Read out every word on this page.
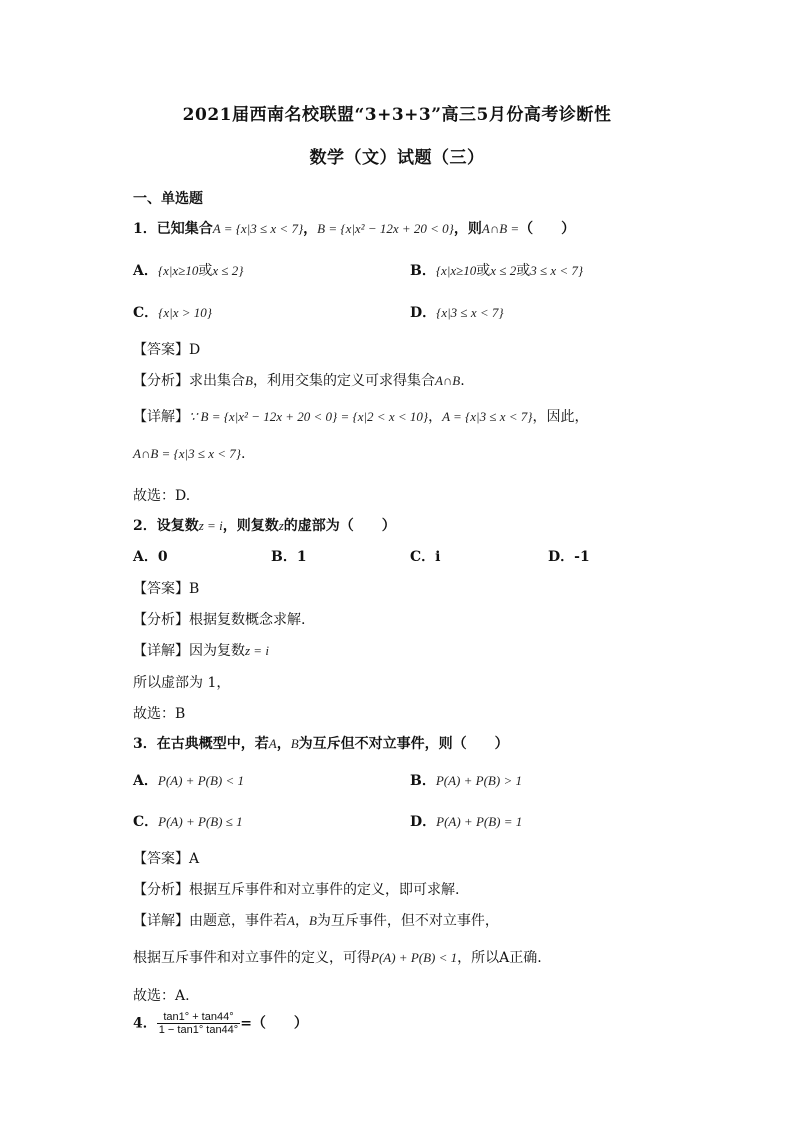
2021届西南名校联盟“3+3+3”高三5月份高考诊断性
数学（文）试题（三）
一、单选题
1．已知集合A = {x|3 ≤ x < 7}，B = {x|x² − 12x + 20 < 0}，则A∩B =（　　）
A．{x|x≥10或x ≤ 2}	B．{x|x≥10或x ≤ 2或3 ≤ x < 7}
C．{x|x > 10}	D．{x|3 ≤ x < 7}
【答案】D
【分析】求出集合B，利用交集的定义可求得集合A∩B.
【详解】∵ B = {x|x² − 12x + 20 < 0} = {x|2 < x < 10}，A = {x|3 ≤ x < 7}，因此，
A∩B = {x|3 ≤ x < 7}.
故选：D.
2．设复数z = i，则复数z的虚部为（　　）
A．0	B．1	C．i	D．-1
【答案】B
【分析】根据复数概念求解.
【详解】因为复数z = i
所以虚部为 1，
故选：B
3．在古典概型中，若A，B为互斥但不对立事件，则（　　）
A．P(A) + P(B) < 1	B．P(A) + P(B) > 1
C．P(A) + P(B) ≤ 1	D．P(A) + P(B) = 1
【答案】A
【分析】根据互斥事件和对立事件的定义，即可求解.
【详解】由题意，事件若A，B为互斥事件，但不对立事件，
根据互斥事件和对立事件的定义，可得P(A) + P(B) < 1，所以A正确.
故选：A.
4． $\frac{\tan 1^\circ + \tan 44^\circ}{1 - \tan 1^\circ \tan 44^\circ}$ =（　　）
